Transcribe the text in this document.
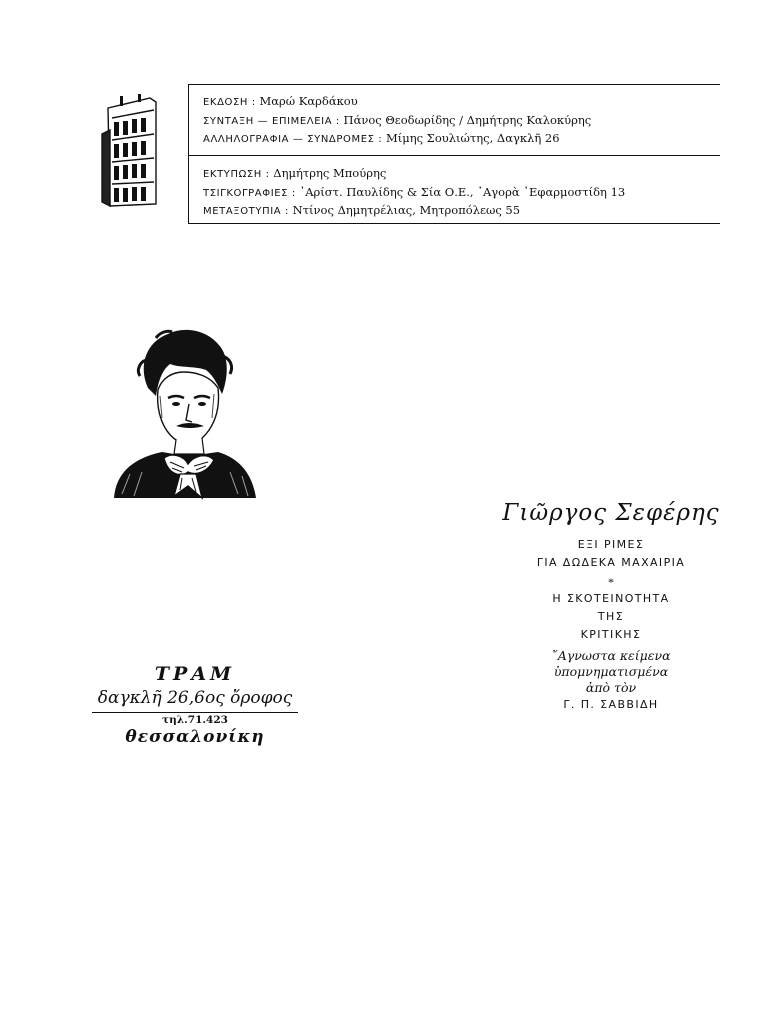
ΕΚΔΟΣΗ : Μαρώ Καρδάκου
ΣΥΝΤΑΞΗ — ΕΠΙΜΕΛΕΙΑ : Πάνος Θεοδωρίδης / Δημήτρης Καλοκύρης
ΑΛΛΗΛΟΓΡΑΦΙΑ — ΣΥΝΔΡΟΜΕΣ : Μίμης Σουλιώτης, Δαγκλῆ 26
ΕΚΤΥΠΩΣΗ : Δημήτρης Μπούρης
ΤΣΙΓΚΟΓΡΑΦΙΕΣ : ᾿Αρίστ. Παυλίδης & Σία Ο.Ε., ᾿Αγορὰ ᾿Εφαρμοστίδη 13
ΜΕΤΑΞΟΤΥΠΙΑ : Ντίνος Δημητρέλιας, Μητροπόλεως 55
ΤΡΑΜ
δαγκλῆ 26,6ος ὄροφος
τηλ.71.423
θεσσαλονίκη
Γιῶργος Σεφέρης
ΕΞΙ ΡΙΜΕΣ
ΓΙΑ ΔΩΔΕΚΑ ΜΑΧΑΙΡΙΑ
*
Η ΣΚΟΤΕΙΝΟΤΗΤΑ
ΤΗΣ
ΚΡΙΤΙΚΗΣ
῎Αγνωστα κείμενα
ὑπομνηματισμένα
ἀπὸ τὸν
Γ. Π. ΣΑΒΒΙΔΗ
